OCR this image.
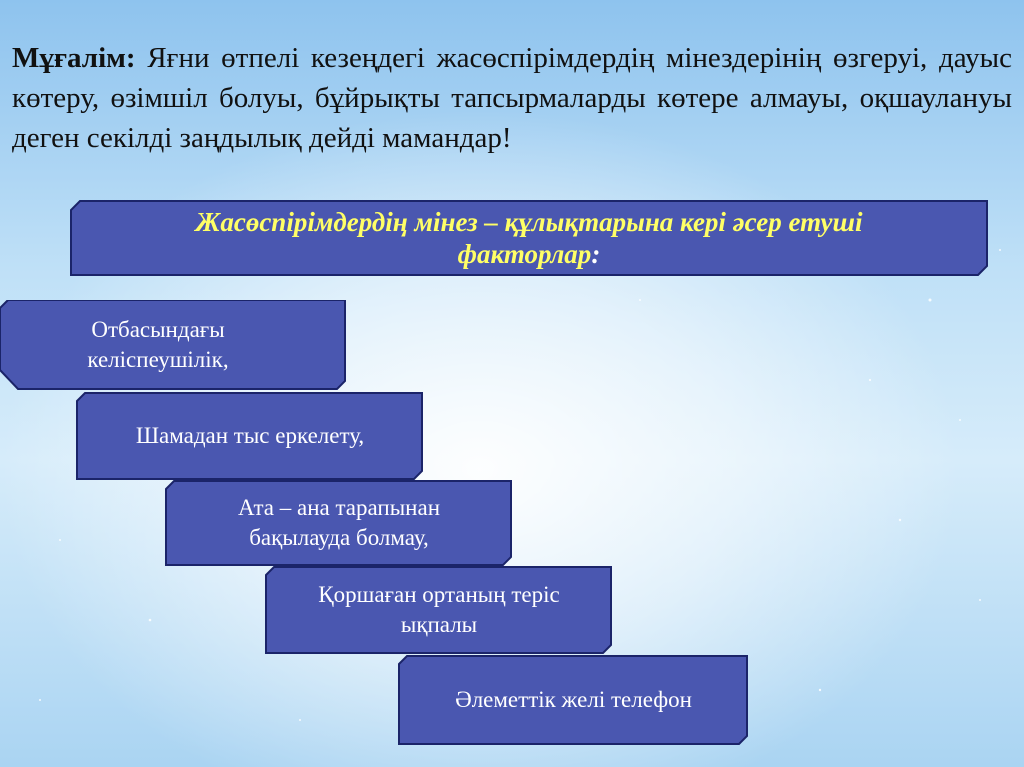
Мұғалім: Яғни өтпелі кезеңдегі жасөспірімдердің мінездерінің өзгеруі, дауыс көтеру, өзімшіл болуы, бұйрықты тапсырмаларды көтере алмауы, оқшаулануы деген секілді заңдылық дейді мамандар!

Жасөспірімдердің мінез – құлықтарына кері әсер етуші
факторлар:

Отбасындағы келіспеушілік,
Шамадан тыс еркелету,
Ата – ана тарапынан бақылауда болмау,
Қоршаған ортаның теріс ықпалы
Әлеметтік желі телефон
